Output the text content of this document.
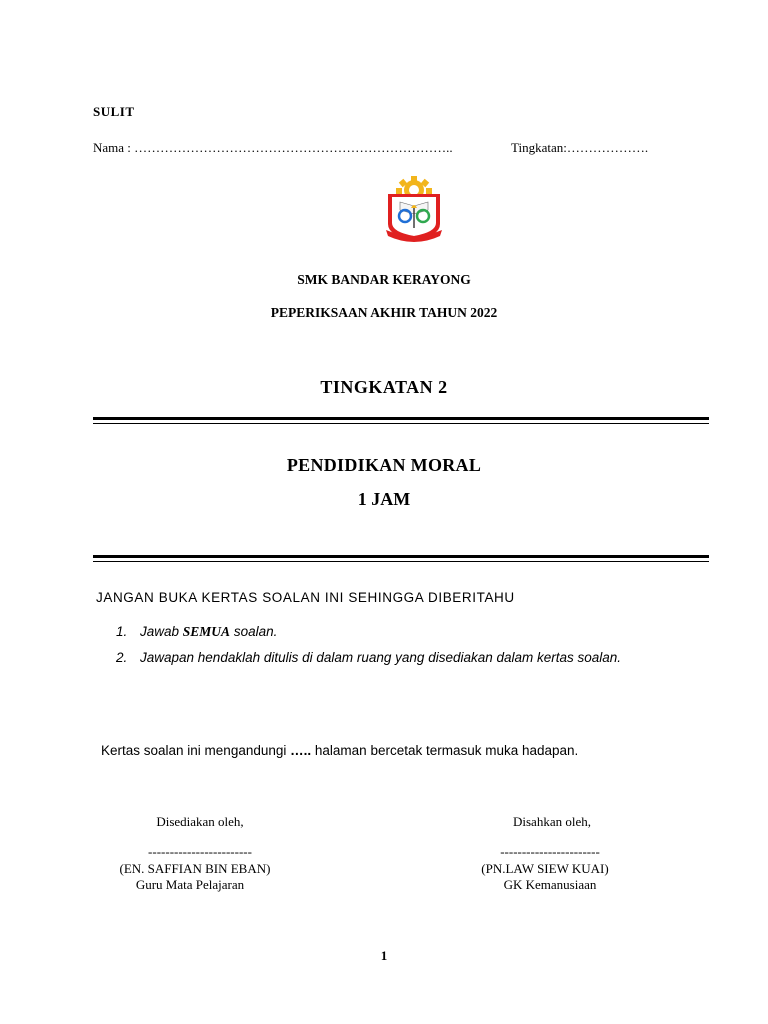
SULIT
Nama : ………………………………………………………………..	Tingkatan:……………….
SMK BANDAR KERAYONG
PEPERIKSAAN AKHIR TAHUN 2022
TINGKATAN 2
PENDIDIKAN MORAL
1 JAM
JANGAN BUKA KERTAS SOALAN INI SEHINGGA DIBERITAHU
1. Jawab SEMUA soalan.
2. Jawapan hendaklah ditulis di dalam ruang yang disediakan dalam kertas soalan.
Kertas soalan ini mengandungi ….. halaman bercetak termasuk muka hadapan.
Disediakan oleh,
------------------------
(EN. SAFFIAN BIN EBAN)
Guru Mata Pelajaran
Disahkan oleh,
-----------------------
(PN.LAW SIEW KUAI)
GK Kemanusiaan
1
